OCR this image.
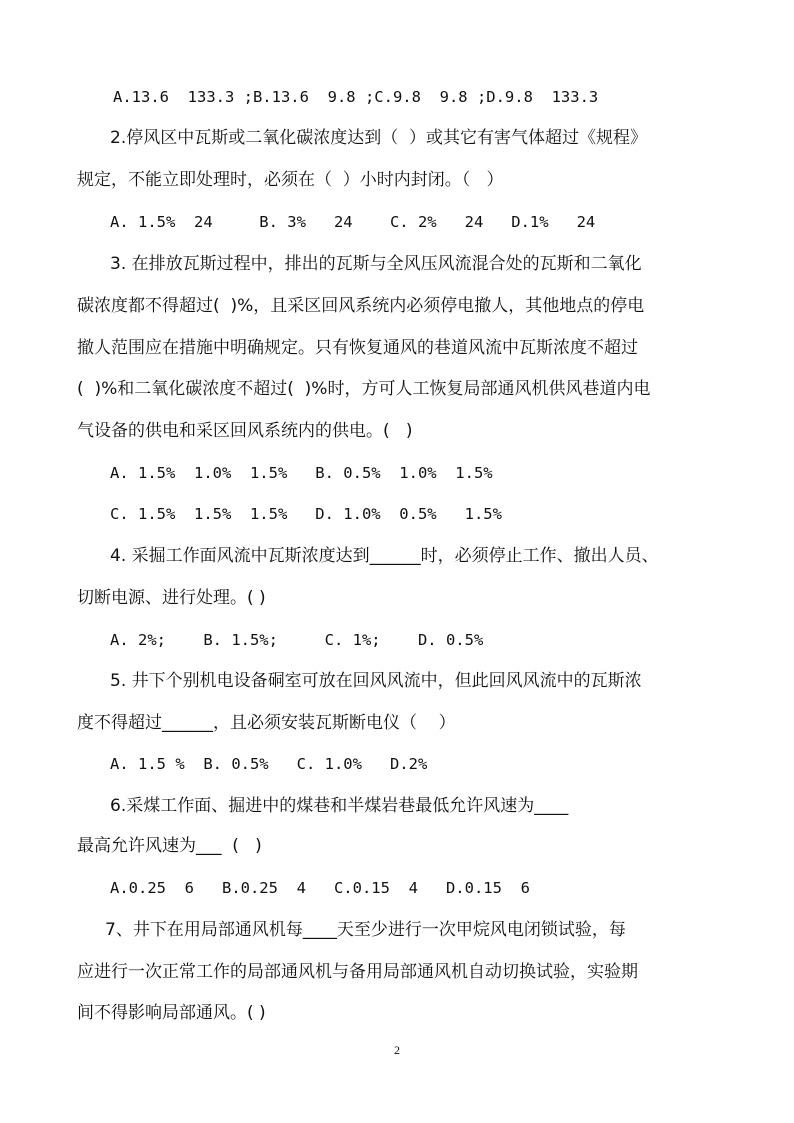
A.13.6  133.3 ;B.13.6  9.8 ;C.9.8  9.8 ;D.9.8  133.3
2.停风区中瓦斯或二氧化碳浓度达到（  ）或其它有害气体超过《规程》
规定，不能立即处理时，必须在（  ）小时内封闭。（   ）
A. 1.5%  24     B. 3%   24    C. 2%   24   D.1%   24
3. 在排放瓦斯过程中，排出的瓦斯与全风压风流混合处的瓦斯和二氧化
碳浓度都不得超过(  )%，且采区回风系统内必须停电撤人，其他地点的停电
撤人范围应在措施中明确规定。只有恢复通风的巷道风流中瓦斯浓度不超过
(  )%和二氧化碳浓度不超过(  )%时，方可人工恢复局部通风机供风巷道内电
气设备的供电和采区回风系统内的供电。(   )
A. 1.5%  1.0%  1.5%   B. 0.5%  1.0%  1.5%
C. 1.5%  1.5%  1.5%   D. 1.0%  0.5%   1.5%
4. 采掘工作面风流中瓦斯浓度达到______时，必须停止工作、撤出人员、
切断电源、进行处理。( )
A. 2%;    B. 1.5%;     C. 1%;    D. 0.5%
5. 井下个别机电设备硐室可放在回风风流中，但此回风风流中的瓦斯浓
度不得超过______，且必须安装瓦斯断电仪（    ）
A. 1.5 %  B. 0.5%   C. 1.0%   D.2%
6.采煤工作面、掘进中的煤巷和半煤岩巷最低允许风速为____
最高允许风速为___  (   )
A.0.25  6   B.0.25  4   C.0.15  4   D.0.15  6
7、井下在用局部通风机每____天至少进行一次甲烷风电闭锁试验，每
应进行一次正常工作的局部通风机与备用局部通风机自动切换试验，实验期
间不得影响局部通风。( )
2
